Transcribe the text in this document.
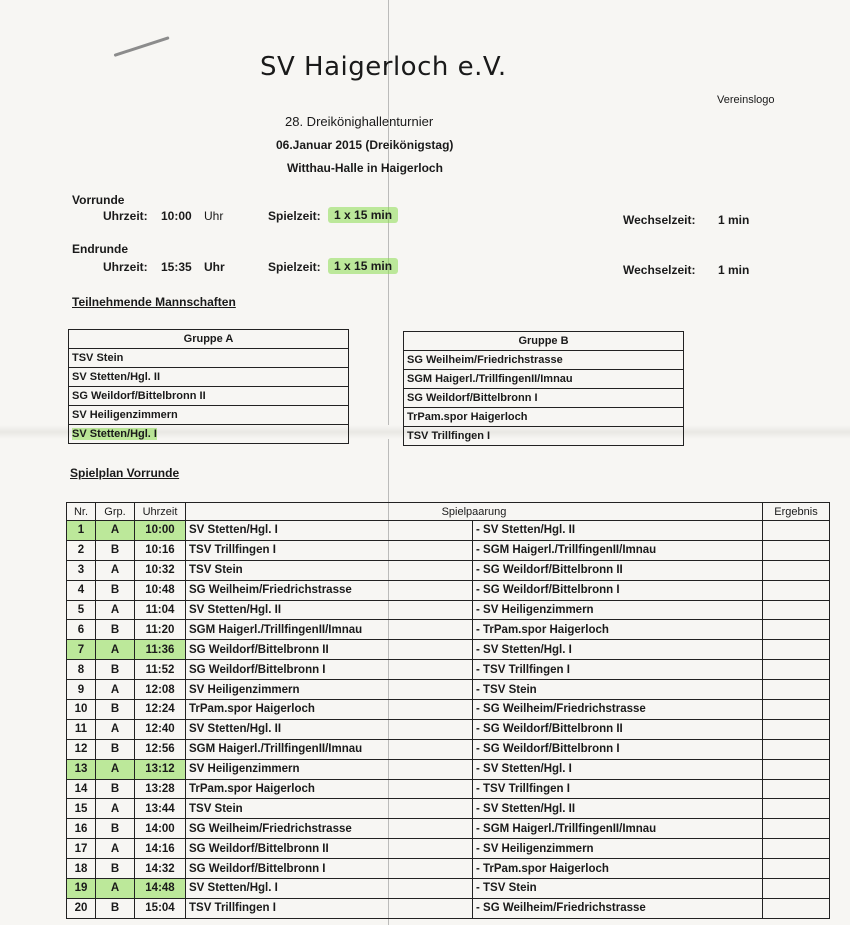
SV Haigerloch e.V.
Vereinslogo
28. Dreikönighallenturnier
06.Januar 2015 (Dreikönigstag)
Witthau-Halle in Haigerloch
Vorrunde
Uhrzeit: 10:00 Uhr	Spielzeit:	1 x 15 min	Wechselzeit: 1 min
Endrunde
Uhrzeit: 15:35 Uhr	Spielzeit:	1 x 15 min	Wechselzeit: 1 min
Teilnehmende Mannschaften
Gruppe A
TSV Stein
SV Stetten/Hgl. II
SG Weildorf/Bittelbronn II
SV Heiligenzimmern
SV Stetten/Hgl. I
Gruppe B
SG Weilheim/Friedrichstrasse
SGM Haigerl./TrillfingenII/Imnau
SG Weildorf/Bittelbronn I
TrPam.spor Haigerloch
TSV Trillfingen I
Spielplan Vorrunde
Nr.	Grp.	Uhrzeit	Spielpaarung		Ergebnis
1	A	10:00	SV Stetten/Hgl. I	- SV Stetten/Hgl. II	
2	B	10:16	TSV Trillfingen I	- SGM Haigerl./TrillfingenII/Imnau	
3	A	10:32	TSV Stein	- SG Weildorf/Bittelbronn II	
4	B	10:48	SG Weilheim/Friedrichstrasse	- SG Weildorf/Bittelbronn I	
5	A	11:04	SV Stetten/Hgl. II	- SV Heiligenzimmern	
6	B	11:20	SGM Haigerl./TrillfingenII/Imnau	- TrPam.spor Haigerloch	
7	A	11:36	SG Weildorf/Bittelbronn II	- SV Stetten/Hgl. I	
8	B	11:52	SG Weildorf/Bittelbronn I	- TSV Trillfingen I	
9	A	12:08	SV Heiligenzimmern	- TSV Stein	
10	B	12:24	TrPam.spor Haigerloch	- SG Weilheim/Friedrichstrasse	
11	A	12:40	SV Stetten/Hgl. II	- SG Weildorf/Bittelbronn II	
12	B	12:56	SGM Haigerl./TrillfingenII/Imnau	- SG Weildorf/Bittelbronn I	
13	A	13:12	SV Heiligenzimmern	- SV Stetten/Hgl. I	
14	B	13:28	TrPam.spor Haigerloch	- TSV Trillfingen I	
15	A	13:44	TSV Stein	- SV Stetten/Hgl. II	
16	B	14:00	SG Weilheim/Friedrichstrasse	- SGM Haigerl./TrillfingenII/Imnau	
17	A	14:16	SG Weildorf/Bittelbronn II	- SV Heiligenzimmern	
18	B	14:32	SG Weildorf/Bittelbronn I	- TrPam.spor Haigerloch	
19	A	14:48	SV Stetten/Hgl. I	- TSV Stein	
20	B	15:04	TSV Trillfingen I	- SG Weilheim/Friedrichstrasse	
